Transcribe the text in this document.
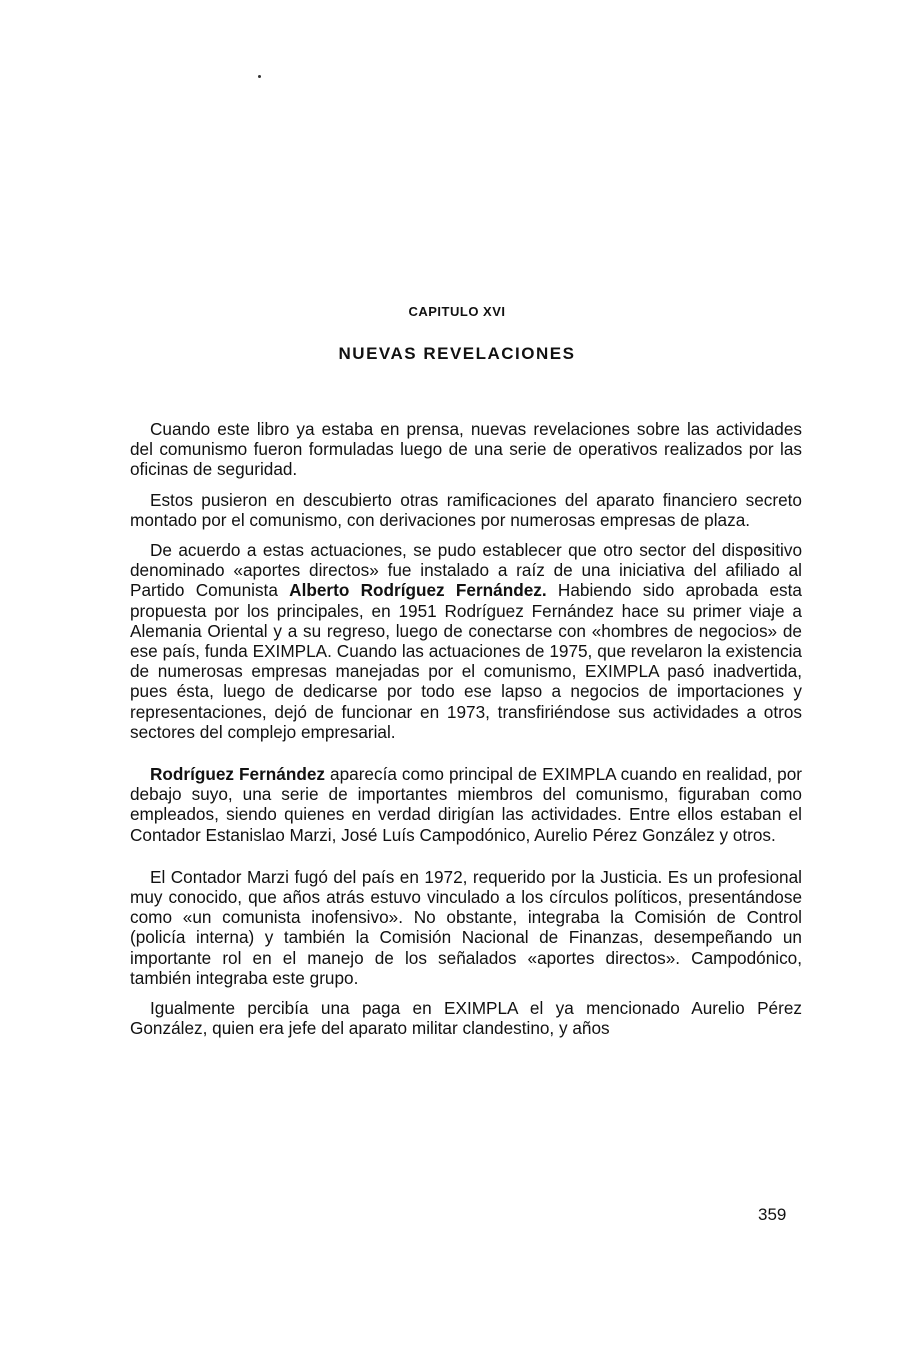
CAPITULO XVI
NUEVAS REVELACIONES

Cuando este libro ya estaba en prensa, nuevas revelaciones sobre las actividades del comunismo fueron formuladas luego de una serie de operativos realizados por las oficinas de seguridad.

Estos pusieron en descubierto otras ramificaciones del aparato financiero secreto montado por el comunismo, con derivaciones por numerosas empresas de plaza.

De acuerdo a estas actuaciones, se pudo establecer que otro sector del dispositivo denominado «aportes directos» fue instalado a raíz de una iniciativa del afiliado al Partido Comunista Alberto Rodríguez Fernández. Habiendo sido aprobada esta propuesta por los principales, en 1951 Rodríguez Fernández hace su primer viaje a Alemania Oriental y a su regreso, luego de conectarse con «hombres de negocios» de ese país, funda EXIMPLA. Cuando las actuaciones de 1975, que revelaron la existencia de numerosas empresas manejadas por el comunismo, EXIMPLA pasó inadvertida, pues ésta, luego de dedicarse por todo ese lapso a negocios de importaciones y representaciones, dejó de funcionar en 1973, transfiriéndose sus actividades a otros sectores del complejo empresarial.

Rodríguez Fernández aparecía como principal de EXIMPLA cuando en realidad, por debajo suyo, una serie de importantes miembros del comunismo, figuraban como empleados, siendo quienes en verdad dirigían las actividades. Entre ellos estaban el Contador Estanislao Marzi, José Luís Campodónico, Aurelio Pérez González y otros.

El Contador Marzi fugó del país en 1972, requerido por la Justicia. Es un profesional muy conocido, que años atrás estuvo vinculado a los círculos políticos, presentándose como «un comunista inofensivo». No obstante, integraba la Comisión de Control (policía interna) y también la Comisión Nacional de Finanzas, desempeñando un importante rol en el manejo de los señalados «aportes directos». Campodónico, también integraba este grupo.

Igualmente percibía una paga en EXIMPLA el ya mencionado Aurelio Pérez González, quien era jefe del aparato militar clandestino, y años

359
